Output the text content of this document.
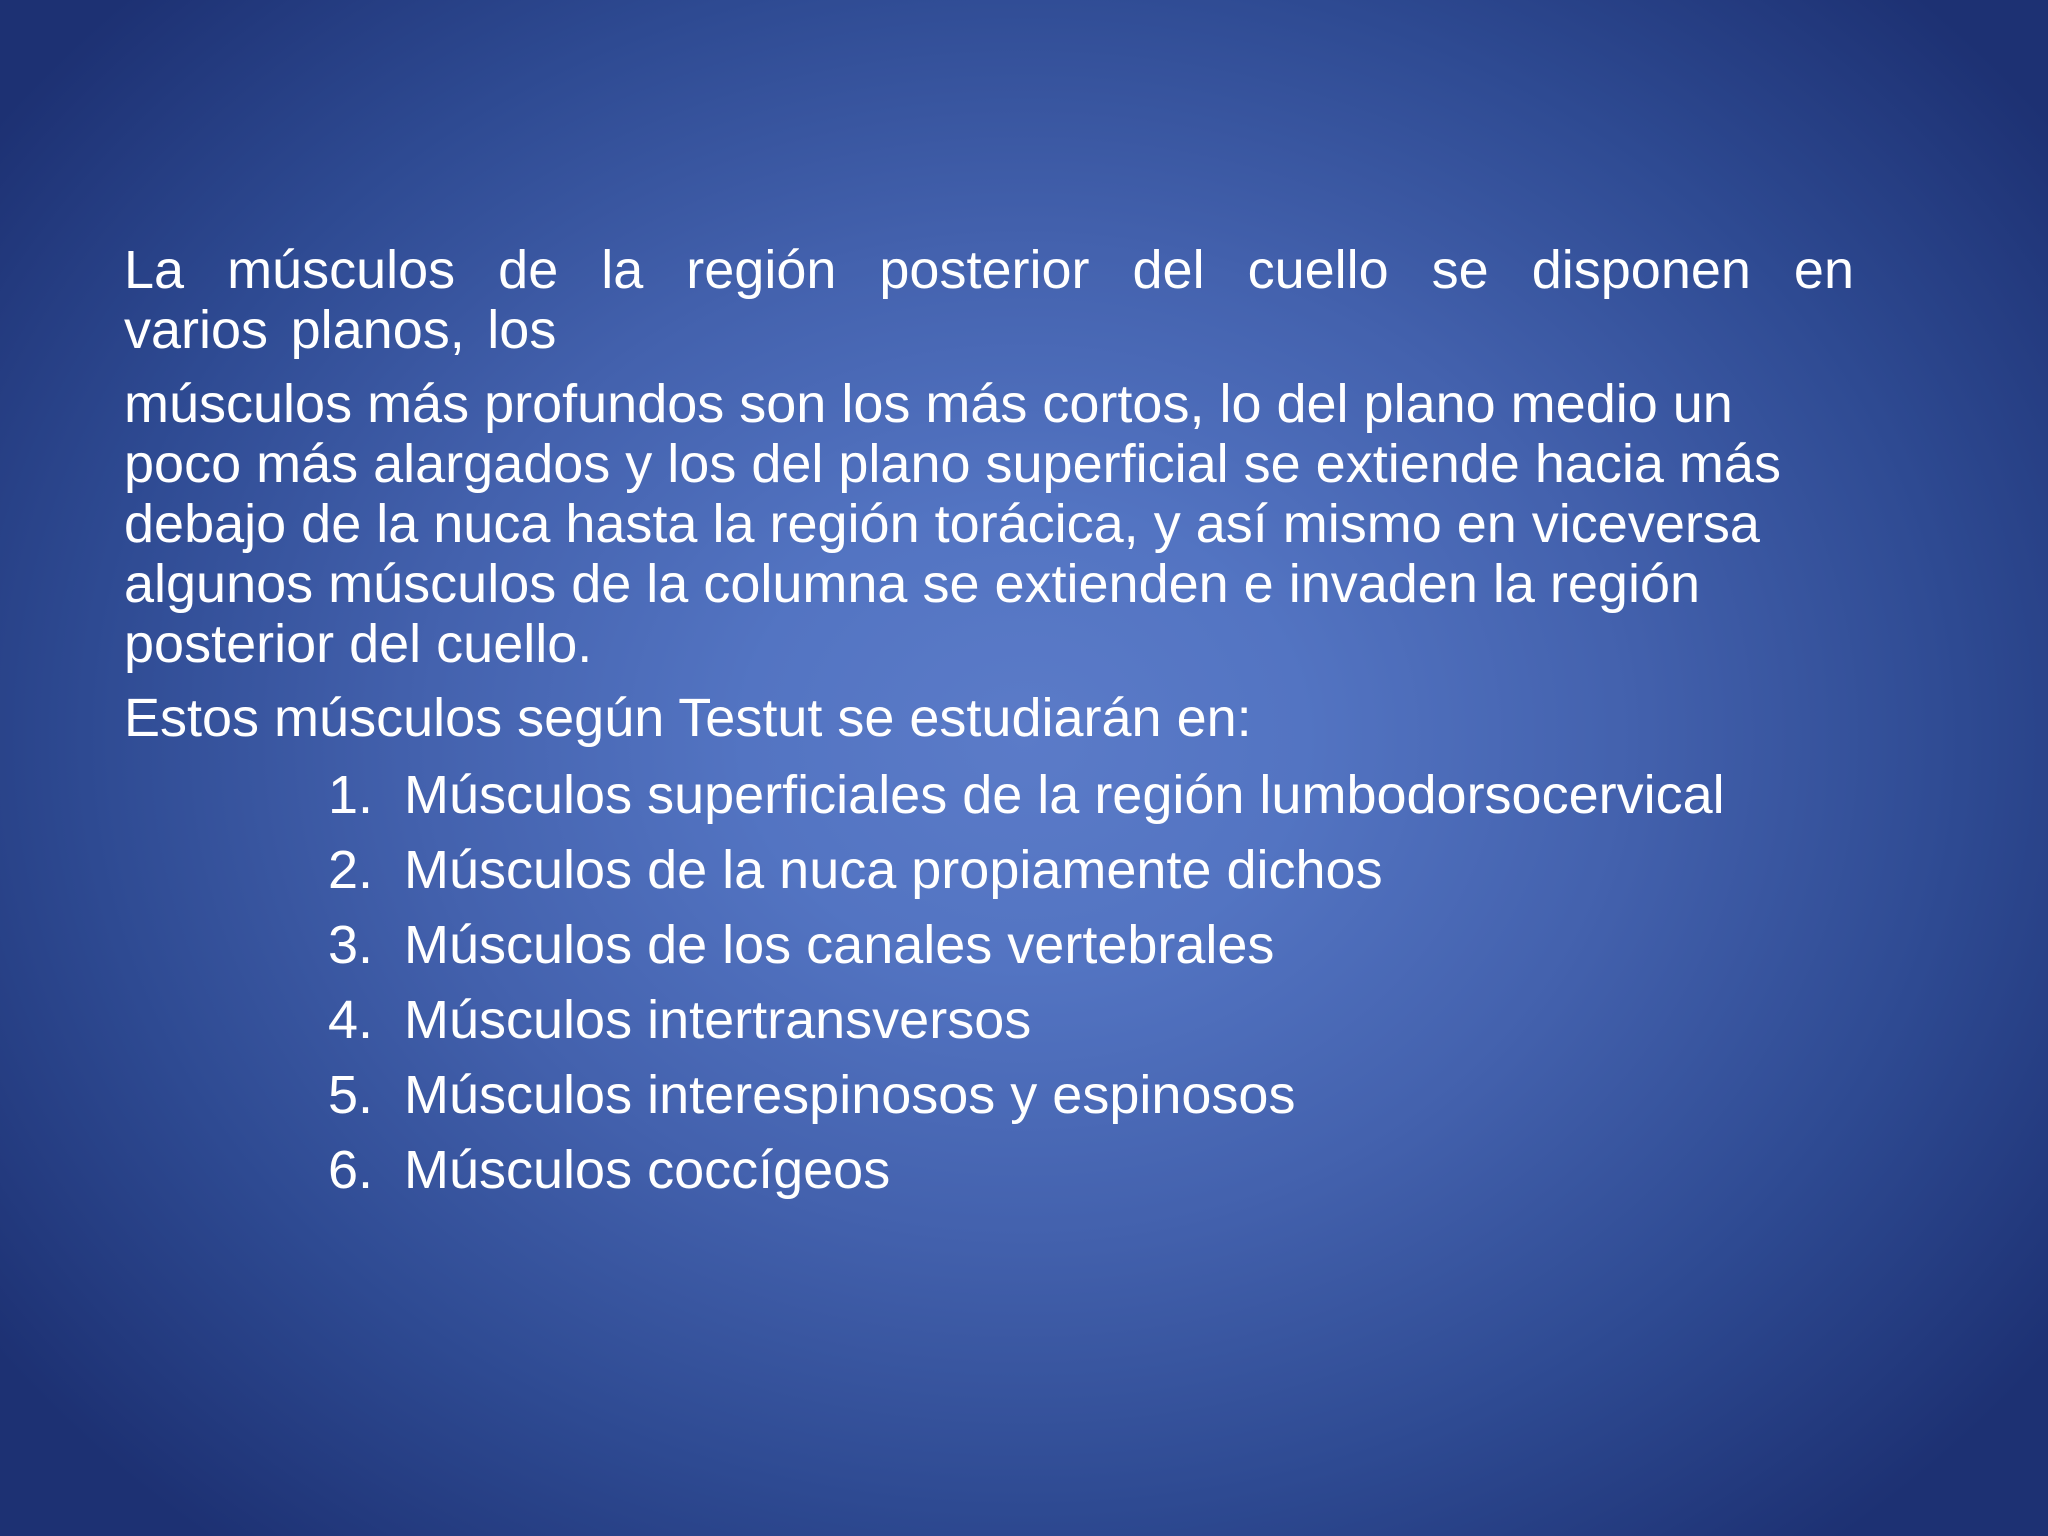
La músculos de la región posterior del cuello se disponen en

varios planos, los

músculos más profundos son los más cortos, lo del plano medio un poco más alargados y los del plano superficial se extiende hacia más debajo de la nuca hasta la región torácica, y así mismo en viceversa algunos músculos de la columna se extienden e invaden la región posterior del cuello.

Estos músculos según Testut se estudiarán en:

1. Músculos superficiales de la región lumbodorsocervical
2. Músculos de la nuca propiamente dichos
3. Músculos de los canales vertebrales
4. Músculos intertransversos
5. Músculos interespinosos y espinosos
6. Músculos coccígeos
